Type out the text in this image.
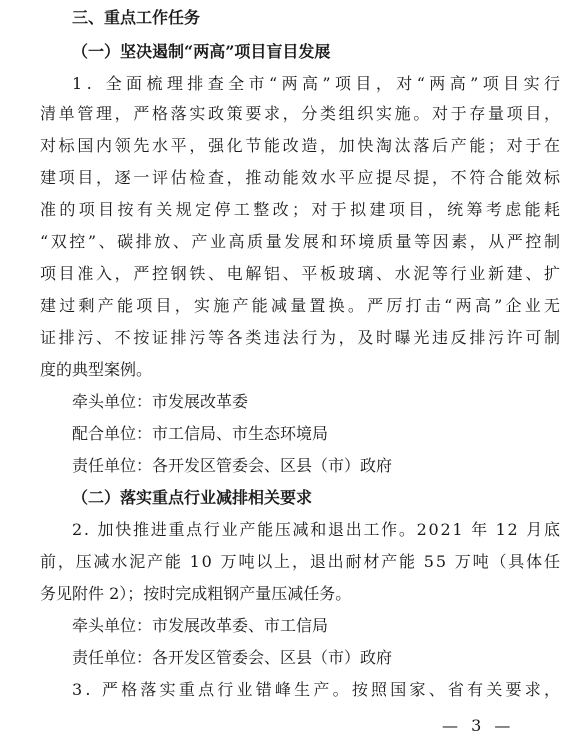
三、重点工作任务
（一）坚决遏制“两高”项目盲目发展
1. 全面梳理排查全市“两高”项目，对“两高”项目实行
清单管理，严格落实政策要求，分类组织实施。对于存量项目，
对标国内领先水平，强化节能改造，加快淘汰落后产能；对于在
建项目，逐一评估检查，推动能效水平应提尽提，不符合能效标
准的项目按有关规定停工整改；对于拟建项目，统筹考虑能耗
“双控”、碳排放、产业高质量发展和环境质量等因素，从严控制
项目准入，严控钢铁、电解铝、平板玻璃、水泥等行业新建、扩
建过剩产能项目，实施产能减量置换。严厉打击“两高”企业无
证排污、不按证排污等各类违法行为，及时曝光违反排污许可制
度的典型案例。
牵头单位：市发展改革委
配合单位：市工信局、市生态环境局
责任单位：各开发区管委会、区县（市）政府
（二）落实重点行业减排相关要求
2. 加快推进重点行业产能压减和退出工作。2021 年 12 月底
前，压减水泥产能 10 万吨以上，退出耐材产能 55 万吨（具体任
务见附件 2）；按时完成粗钢产量压减任务。
牵头单位：市发展改革委、市工信局
责任单位：各开发区管委会、区县（市）政府
3. 严格落实重点行业错峰生产。按照国家、省有关要求，
— 3 —
